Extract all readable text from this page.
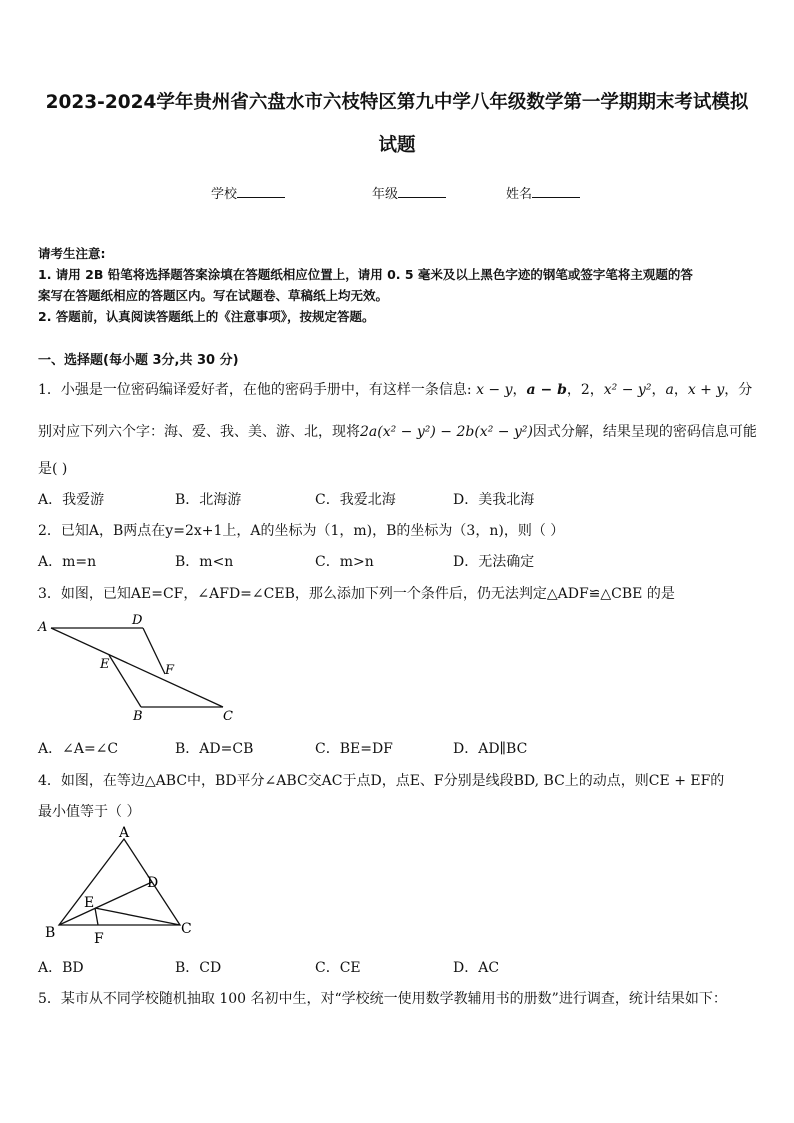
2023-2024学年贵州省六盘水市六枝特区第九中学八年级数学第一学期期末考试模拟
试题
学校	年级	姓名
请考生注意:
1. 请用 2B 铅笔将选择题答案涂填在答题纸相应位置上，请用 0. 5 毫米及以上黑色字迹的钢笔或签字笔将主观题的答
案写在答题纸相应的答题区内。写在试题卷、草稿纸上均无效。
2. 答题前，认真阅读答题纸上的《注意事项》，按规定答题。
一、选择题(每小题 3分,共 30 分)
1．小强是一位密码编译爱好者，在他的密码手册中，有这样一条信息: x − y，a − b，2，x² − y²，a，x + y，分
别对应下列六个字：海、爱、我、美、游、北，现将2a(x² − y²) − 2b(x² − y²)因式分解，结果呈现的密码信息可能
是( )
A．我爱游	B．北海游	C．我爱北海	D．美我北海
2．已知A，B两点在y=2x+1上，A的坐标为（1，m)，B的坐标为（3，n)，则（ ）
A．m=n	B．m<n	C．m>n	D．无法确定
3．如图，已知AE=CF，∠AFD=∠CEB，那么添加下列一个条件后，仍无法判定△ADF≌△CBE 的是
A	D
E	F
B	C
A．∠A=∠C	B．AD=CB	C．BE=DF	D．AD∥BC
4．如图，在等边△ABC中，BD平分∠ABC交AC于点D，点E、F分别是线段BD, BC上的动点，则CE + EF的
最小值等于（ ）
A
D
E
B	F
C
A．BD	B．CD	C．CE	D．AC
5．某市从不同学校随机抽取 100 名初中生，对“学校统一使用数学教辅用书的册数”进行调查，统计结果如下：
